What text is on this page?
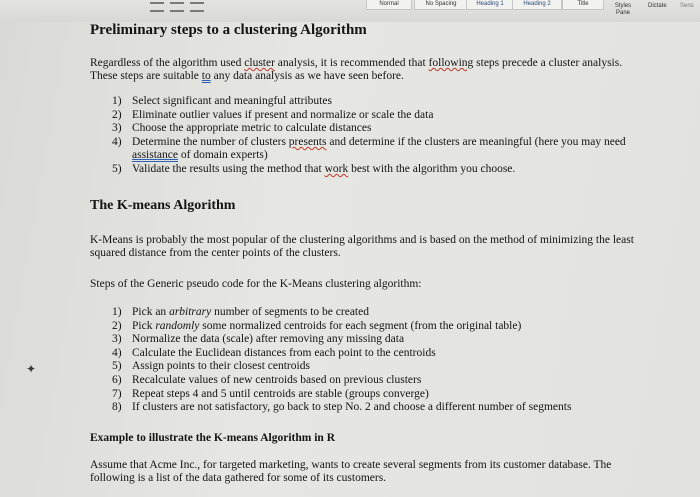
Normal	No Spacing	Heading 1	Heading 2	Title	Styles Pane
Dictate Sens
✦
Preliminary steps to a clustering Algorithm

Regardless of the algorithm used cluster analysis, it is recommended that following steps precede a cluster analysis. These steps are suitable to any data analysis as we have seen before.

1) Select significant and meaningful attributes
2) Eliminate outlier values if present and normalize or scale the data
3) Choose the appropriate metric to calculate distances
4) Determine the number of clusters presents and determine if the clusters are meaningful (here you may need assistance of domain experts)
5) Validate the results using the method that work best with the algorithm you choose.
The K-means Algorithm

K-Means is probably the most popular of the clustering algorithms and is based on the method of minimizing the least squared distance from the center points of the clusters.

Steps of the Generic pseudo code for the K-Means clustering algorithm:

1) Pick an arbitrary number of segments to be created
2) Pick randomly some normalized centroids for each segment (from the original table)
3) Normalize the data (scale) after removing any missing data
4) Calculate the Euclidean distances from each point to the centroids
5) Assign points to their closest centroids
6) Recalculate values of new centroids based on previous clusters
7) Repeat steps 4 and 5 until centroids are stable (groups converge)
8) If clusters are not satisfactory, go back to step No. 2 and choose a different number of segments
Example to illustrate the K-means Algorithm in R

Assume that Acme Inc., for targeted marketing, wants to create several segments from its customer database. The following is a list of the data gathered for some of its customers.
